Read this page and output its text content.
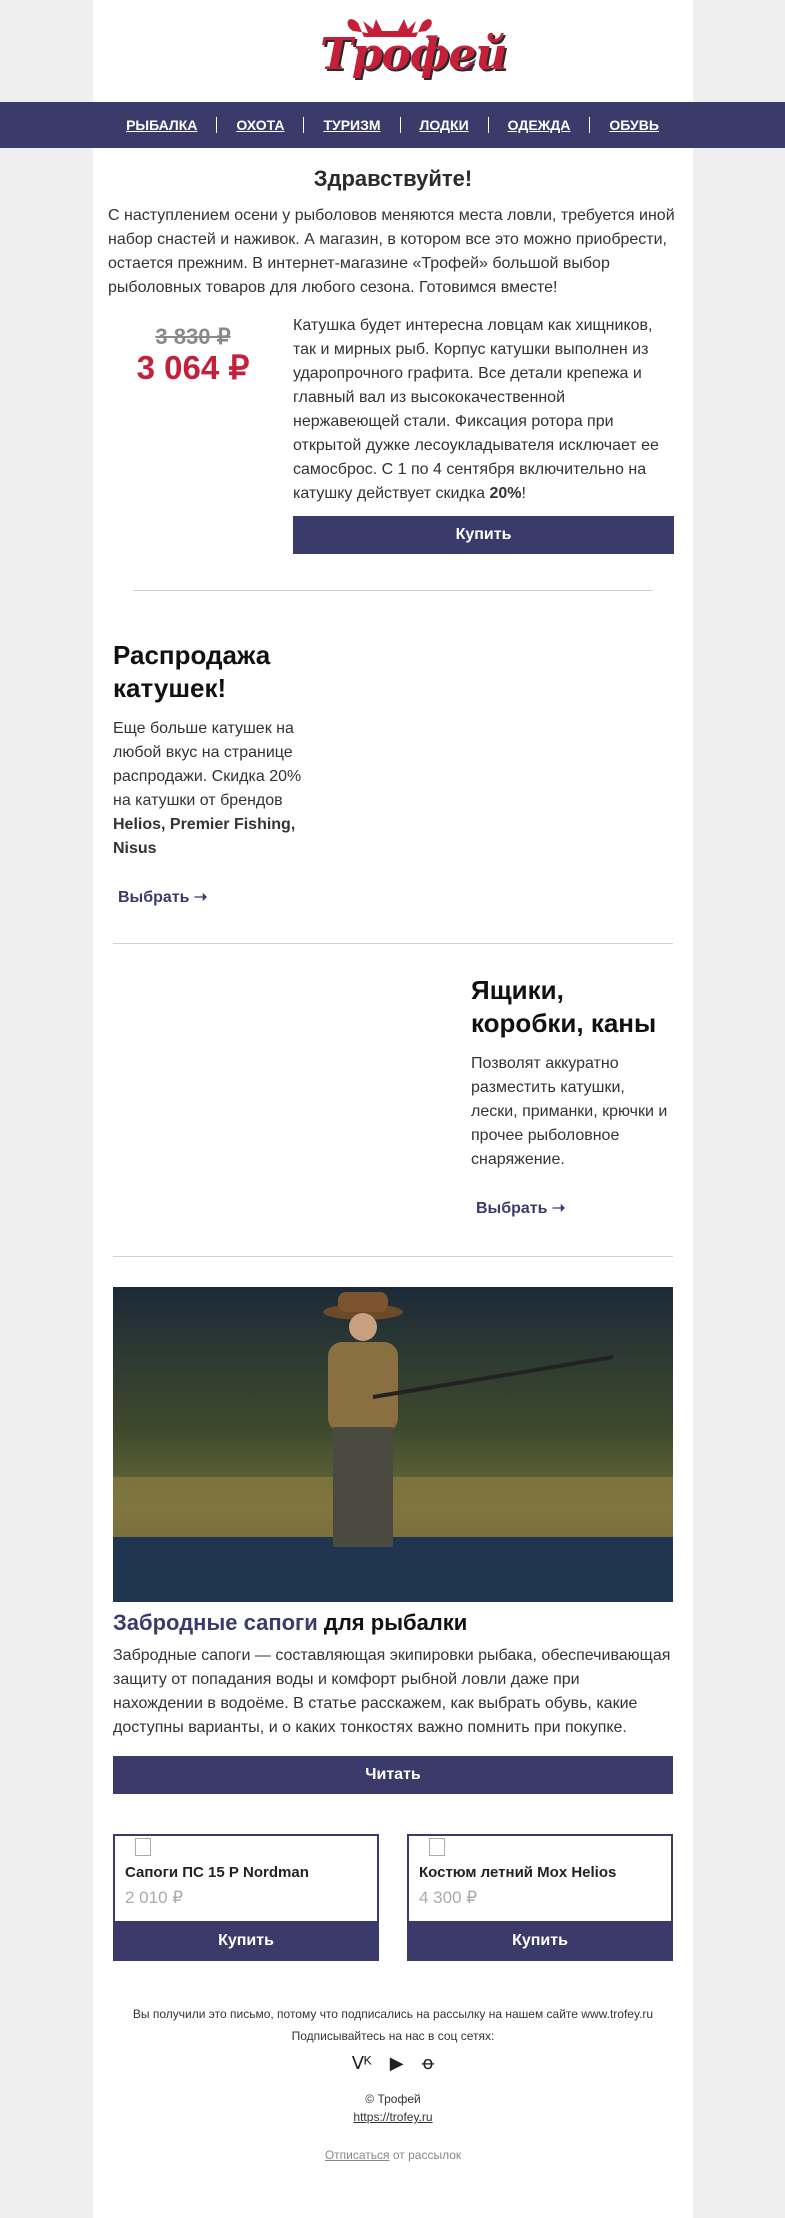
Трофей
РЫБАЛКА	ОХОТА	ТУРИЗМ	ЛОДКИ	ОДЕЖДА	ОБУВЬ
Здравствуйте!
С наступлением осени у рыболовов меняются места ловли, требуется иной набор снастей и наживок. А магазин, в котором все это можно приобрести, остается прежним. В интернет-магазине «Трофей» большой выбор рыболовных товаров для любого сезона. Готовимся вместе!
3 830 ₽
3 064 ₽
Катушка будет интересна ловцам как хищников, так и мирных рыб. Корпус катушки выполнен из ударопрочного графита. Все детали крепежа и главный вал из высококачественной нержавеющей стали. Фиксация ротора при открытой дужке лесоукладывателя исключает ее самосброс. С 1 по 4 сентября включительно на катушку действует скидка 20%!
Купить
Распродажа катушек!
Еще больше катушек на любой вкус на странице распродажи. Скидка 20% на катушки от брендов Helios, Premier Fishing, Nisus
Выбрать ➝
Ящики, коробки, каны
Позволят аккуратно разместить катушки, лески, приманки, крючки и прочее рыболовное снаряжение.
Выбрать ➝
Забродные сапоги для рыбалки
Забродные сапоги — составляющая экипировки рыбака, обеспечивающая защиту от попадания воды и комфорт рыбной ловли даже при нахождении в водоёме. В статье расскажем, как выбрать обувь, какие доступны варианты, и о каких тонкостях важно помнить при покупке.
Читать
Сапоги ПС 15 Р Nordman
2 010 ₽
Купить
Костюм летний Mox Helios
4 300 ₽
Купить
Вы получили это письмо, потому что подписались на рассылку на нашем сайте www.trofey.ru
Подписывайтесь на нас в соц сетях:
ᐯᴷ ▶ ꝋ
© Трофей
https://trofey.ru
Отписаться от рассылок
